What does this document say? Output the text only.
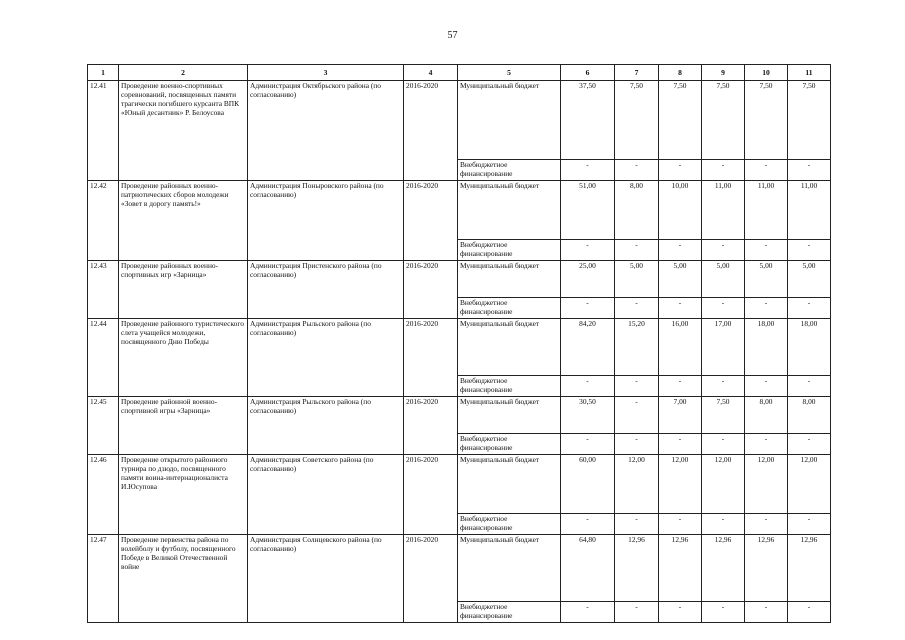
57
1	2	3	4	5	6	7	8	9	10	11
12.41	Проведение военно-спортивных соревнований, посвященных памяти трагически погибшего курсанта ВПК «Юный десантник» Р. Белоусова	Администрация Октябрьского района (по согласованию)	2016-2020	Муниципальный бюджет	37,50	7,50	7,50	7,50	7,50	7,50
				Внебюджетное финансирование	-	-	-	-	-	-
12.42	Проведение районных военно-патриотических сборов молодежи «Зовет в дорогу память!»	Администрация Поныровского района (по согласованию)	2016-2020	Муниципальный бюджет	51,00	8,00	10,00	11,00	11,00	11,00
				Внебюджетное финансирование	-	-	-	-	-	-
12.43	Проведение районных военно-спортивных игр «Зарница»	Администрация Пристенского района (по согласованию)	2016-2020	Муниципальный бюджет	25,00	5,00	5,00	5,00	5,00	5,00
				Внебюджетное финансирование	-	-	-	-	-	-
12.44	Проведение районного туристического слета учащейся молодежи, посвященного Дню Победы	Администрация Рыльского района (по согласованию)	2016-2020	Муниципальный бюджет	84,20	15,20	16,00	17,00	18,00	18,00
				Внебюджетное финансирование	-	-	-	-	-	-
12.45	Проведение районной военно-спортивной игры «Зарница»	Администрация Рыльского района (по согласованию)	2016-2020	Муниципальный бюджет	30,50	-	7,00	7,50	8,00	8,00
				Внебюджетное финансирование	-	-	-	-	-	-
12.46	Проведение открытого районного турнира по дзюдо, посвященного памяти воина-интернационалиста И.Юсупова	Администрация Советского района (по согласованию)	2016-2020	Муниципальный бюджет	60,00	12,00	12,00	12,00	12,00	12,00
				Внебюджетное финансирование	-	-	-	-	-	-
12.47	Проведение первенства района по волейболу и футболу, посвященного Победе в Великой Отечественной войне	Администрация Солнцевского района (по согласованию)	2016-2020	Муниципальный бюджет	64,80	12,96	12,96	12,96	12,96	12,96
				Внебюджетное финансирование	-	-	-	-	-	-
